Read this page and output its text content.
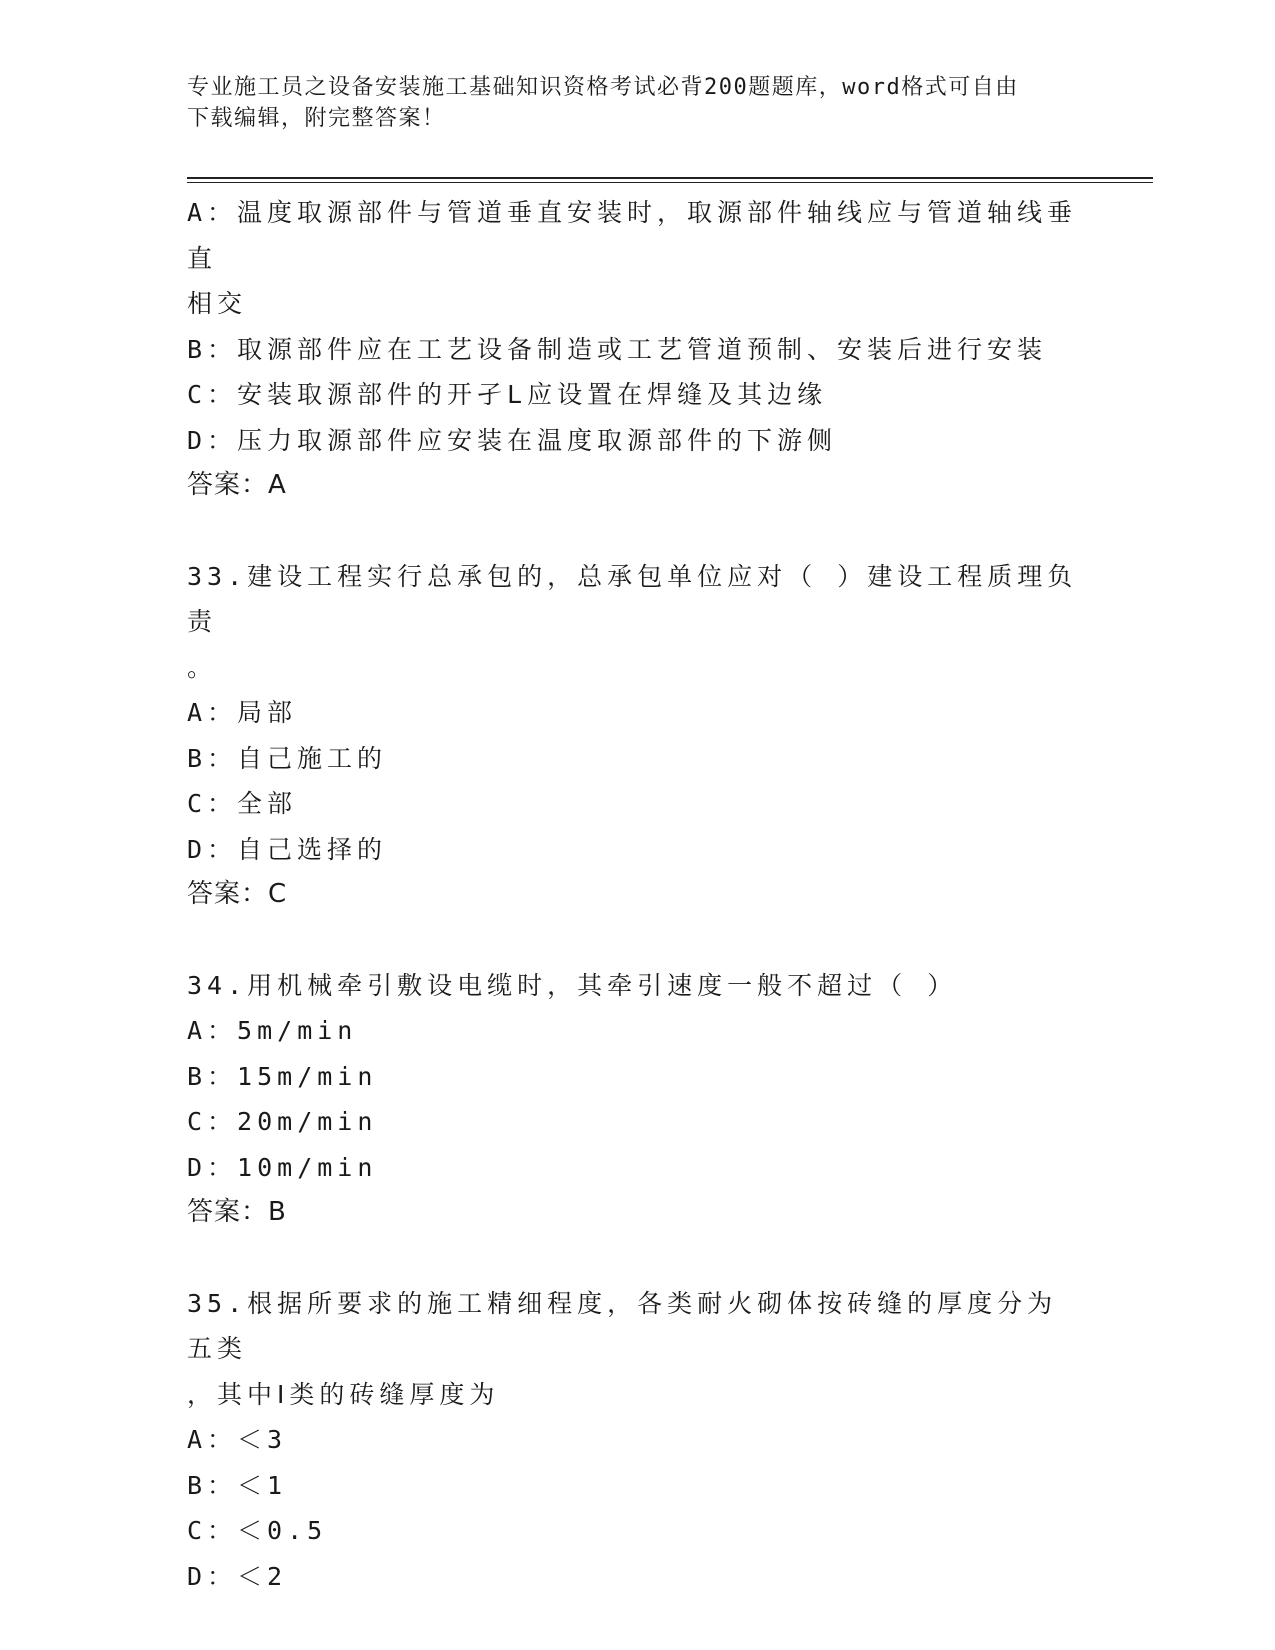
专业施工员之设备安装施工基础知识资格考试必背200题题库，word格式可自由
下载编辑，附完整答案！
A：温度取源部件与管道垂直安装时，取源部件轴线应与管道轴线垂直
相交
B：取源部件应在工艺设备制造或工艺管道预制、安装后进行安装
C：安装取源部件的开孑L应设置在焊缝及其边缘
D：压力取源部件应安装在温度取源部件的下游侧
答案：A
33.建设工程实行总承包的，总承包单位应对（ ）建设工程质理负责
。
A：局部
B：自己施工的
C：全部
D：自己选择的
答案：C
34.用机械牵引敷设电缆时，其牵引速度一般不超过（ ）
A：5m/min
B：15m/min
C：20m/min
D：10m/min
答案：B
35.根据所要求的施工精细程度，各类耐火砌体按砖缝的厚度分为五类
，其中Ⅰ类的砖缝厚度为
A：＜3
B：＜1
C：＜0.5
D：＜2
